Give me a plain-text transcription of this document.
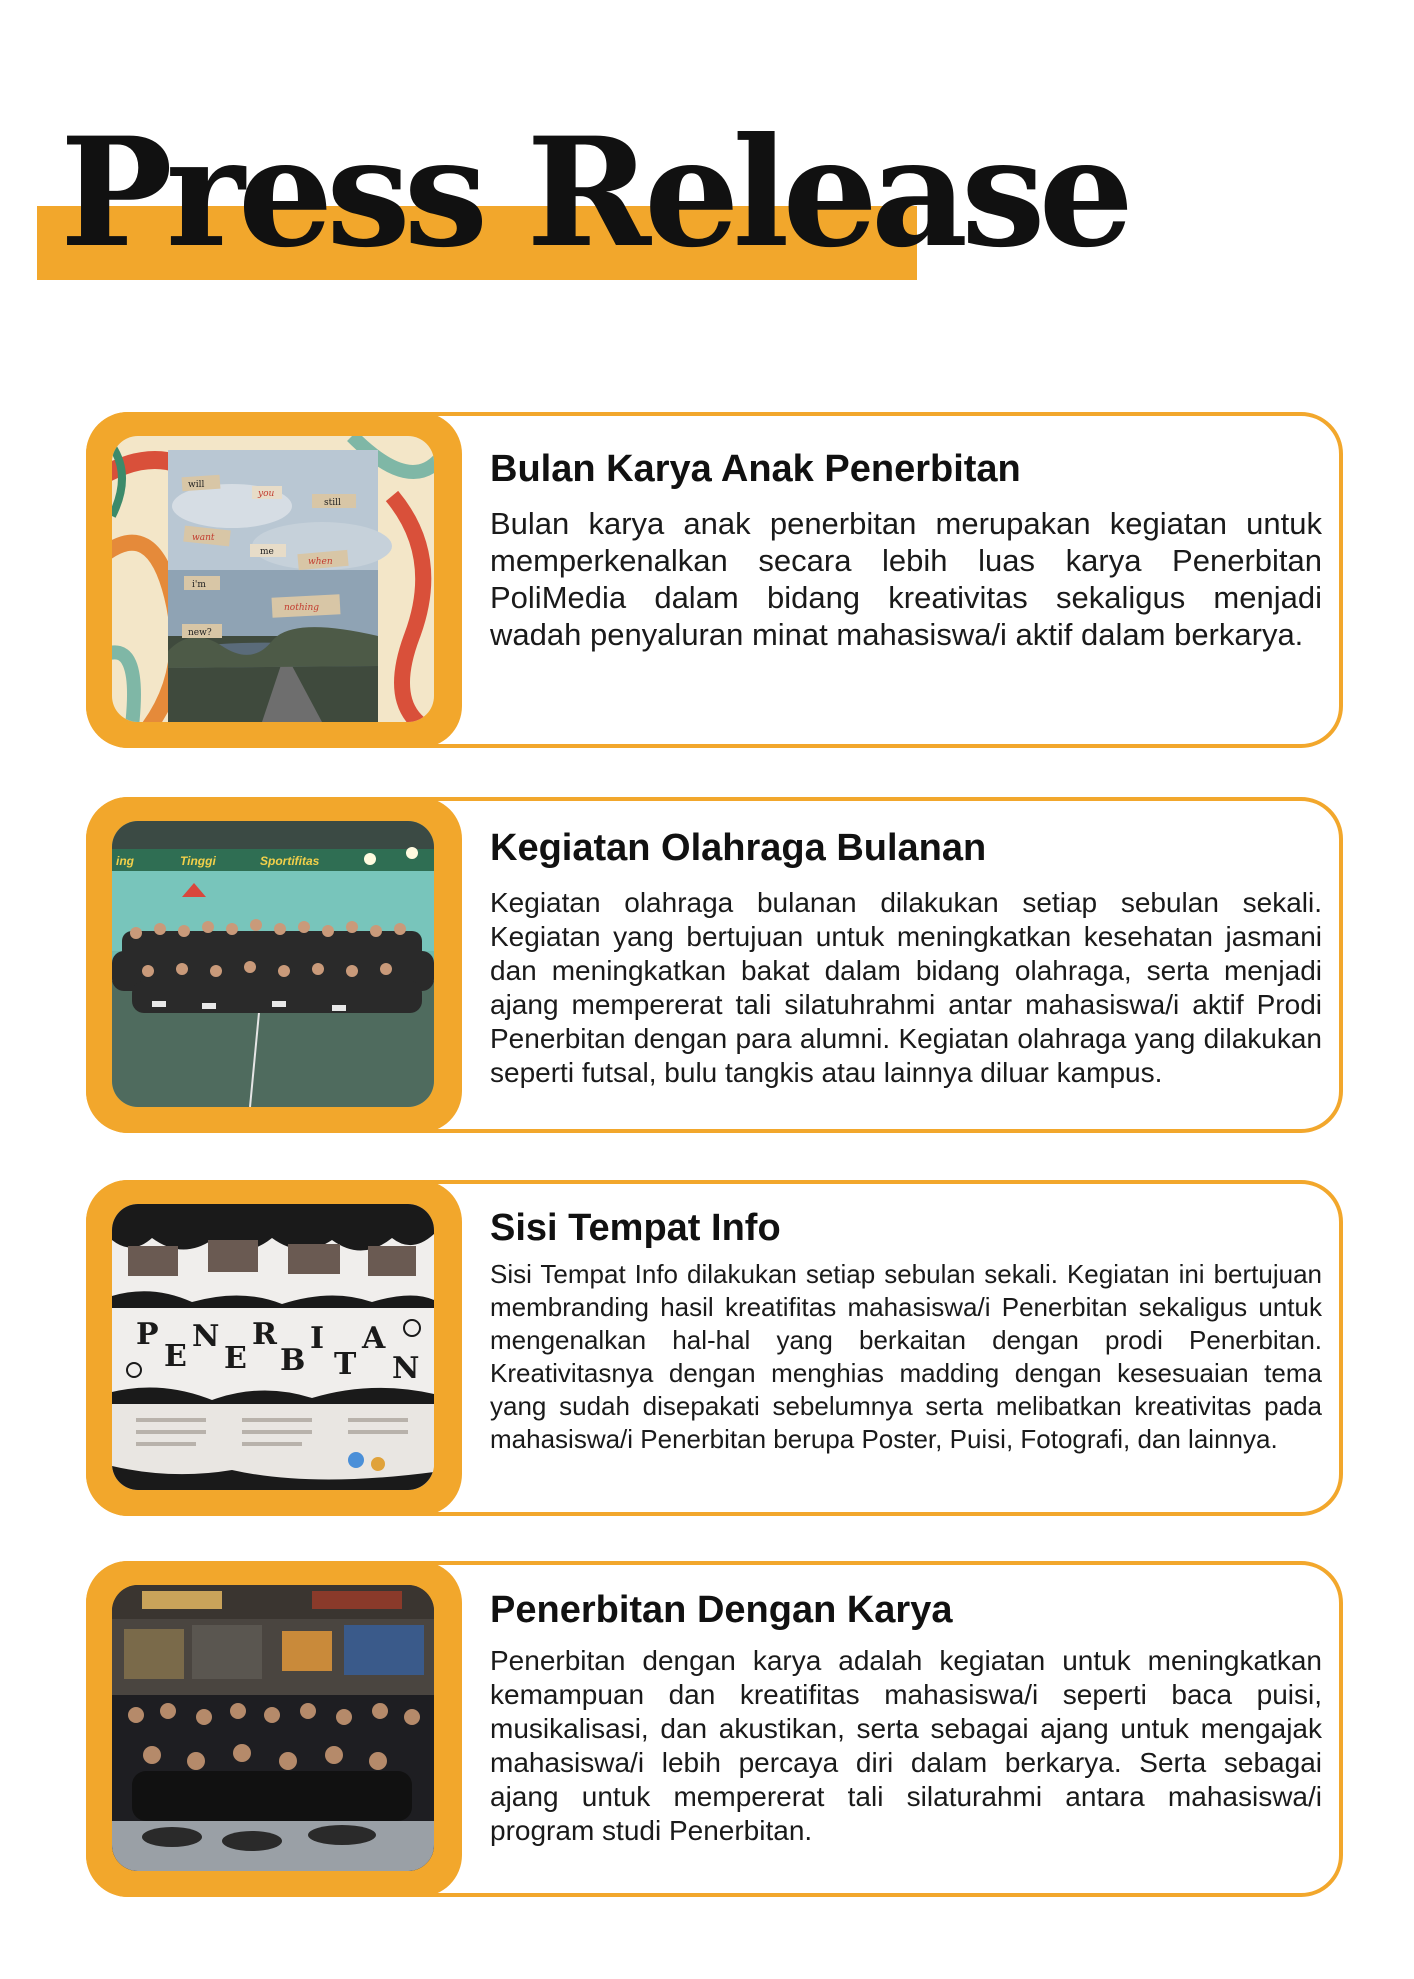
Press Release
will
you
still
want
me
when
i'm
nothing
new?
Bulan Karya Anak Penerbitan

Bulan karya anak penerbitan merupakan kegiatan untuk memperkenalkan secara lebih luas karya Penerbitan PoliMedia dalam bidang kreativitas sekaligus menjadi wadah penyaluran minat mahasiswa/i aktif dalam berkarya.

ing	Tinggi	Sportifitas	Kegiatan Olahraga Bulanan

Kegiatan olahraga bulanan dilakukan setiap sebulan sekali. Kegiatan yang bertujuan untuk meningkatkan kesehatan jasmani dan meningkatkan bakat dalam bidang olahraga, serta menjadi ajang mempererat tali silatuhrahmi antar mahasiswa/i aktif Prodi Penerbitan dengan para alumni. Kegiatan olahraga yang dilakukan seperti futsal, bulu tangkis atau lainnya diluar kampus.

P
E
N
E
R
B
I
T
A
N
Sisi Tempat Info

Sisi Tempat Info dilakukan setiap sebulan sekali. Kegiatan ini bertujuan membranding hasil kreatifitas mahasiswa/i Penerbitan sekaligus untuk mengenalkan hal-hal yang berkaitan dengan prodi Penerbitan. Kreativitasnya dengan menghias madding dengan kesesuaian tema yang sudah disepakati sebelumnya serta melibatkan kreativitas pada mahasiswa/i Penerbitan berupa Poster, Puisi, Fotografi, dan lainnya.

Penerbitan Dengan Karya

Penerbitan dengan karya adalah kegiatan untuk meningkatkan kemampuan dan kreatifitas mahasiswa/i seperti baca puisi, musikalisasi, dan akustikan, serta sebagai ajang untuk mengajak mahasiswa/i lebih percaya diri dalam berkarya. Serta sebagai ajang untuk mempererat tali silaturahmi antara mahasiswa/i program studi Penerbitan.
